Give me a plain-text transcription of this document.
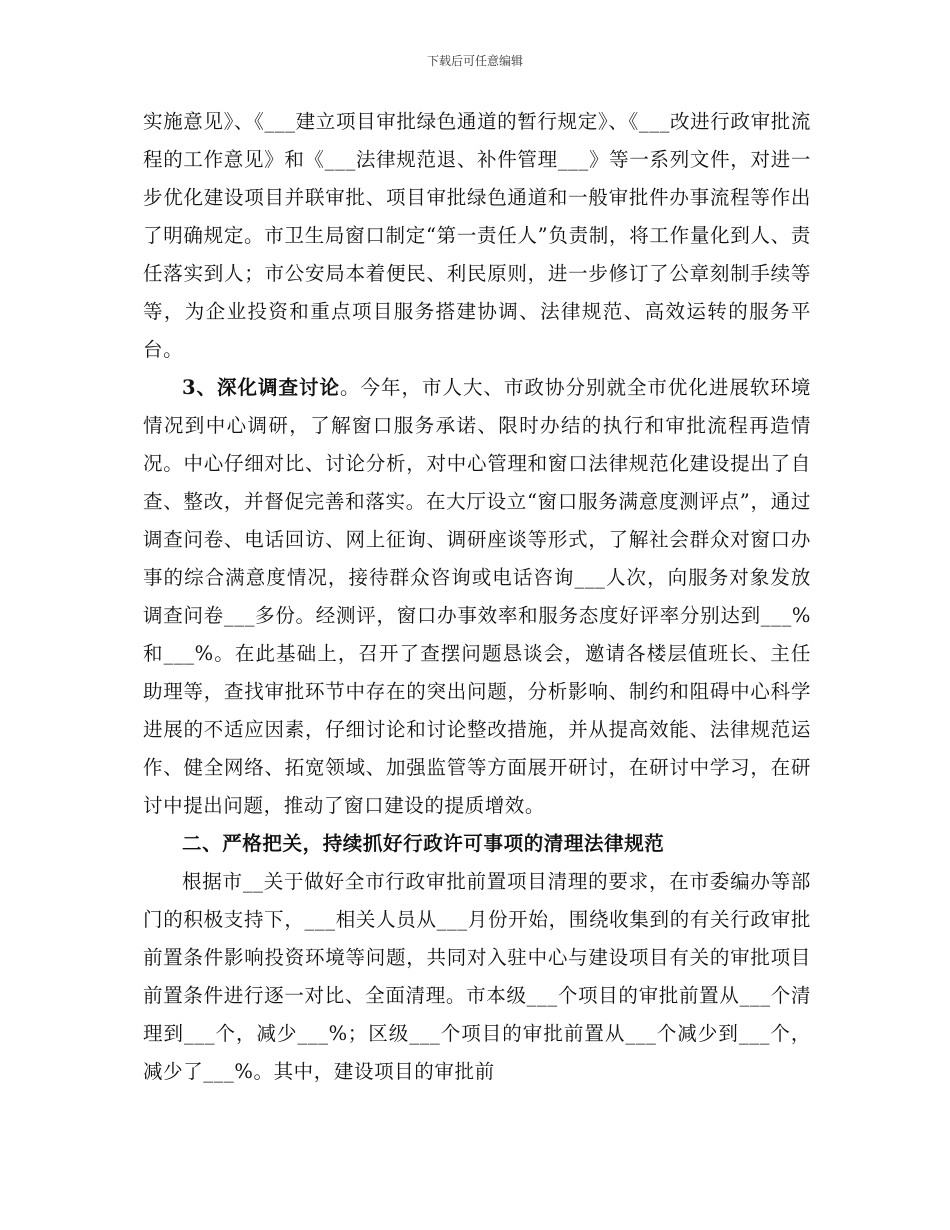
下载后可任意编辑

实施意见》、《___建立项目审批绿色通道的暂行规定》、《___改进行政审批流程的工作意见》和《___法律规范退、补件管理___》等一系列文件，对进一步优化建设项目并联审批、项目审批绿色通道和一般审批件办事流程等作出了明确规定。市卫生局窗口制定“第一责任人”负责制，将工作量化到人、责任落实到人；市公安局本着便民、利民原则，进一步修订了公章刻制手续等等，为企业投资和重点项目服务搭建协调、法律规范、高效运转的服务平台。

3、深化调查讨论。今年，市人大、市政协分别就全市优化进展软环境情况到中心调研，了解窗口服务承诺、限时办结的执行和审批流程再造情况。中心仔细对比、讨论分析，对中心管理和窗口法律规范化建设提出了自查、整改，并督促完善和落实。在大厅设立“窗口服务满意度测评点”，通过调查问卷、电话回访、网上征询、调研座谈等形式，了解社会群众对窗口办事的综合满意度情况，接待群众咨询或电话咨询___人次，向服务对象发放调查问卷___多份。经测评，窗口办事效率和服务态度好评率分别达到___%和___%。在此基础上，召开了查摆问题恳谈会，邀请各楼层值班长、主任助理等，查找审批环节中存在的突出问题，分析影响、制约和阻碍中心科学进展的不适应因素，仔细讨论和讨论整改措施，并从提高效能、法律规范运作、健全网络、拓宽领域、加强监管等方面展开研讨，在研讨中学习，在研讨中提出问题，推动了窗口建设的提质增效。

二、严格把关，持续抓好行政许可事项的清理法律规范

根据市__关于做好全市行政审批前置项目清理的要求，在市委编办等部门的积极支持下，___相关人员从___月份开始，围绕收集到的有关行政审批前置条件影响投资环境等问题，共同对入驻中心与建设项目有关的审批项目前置条件进行逐一对比、全面清理。市本级___个项目的审批前置从___个清理到___个，减少___%；区级___个项目的审批前置从___个减少到___个，减少了___%。其中，建设项目的审批前
